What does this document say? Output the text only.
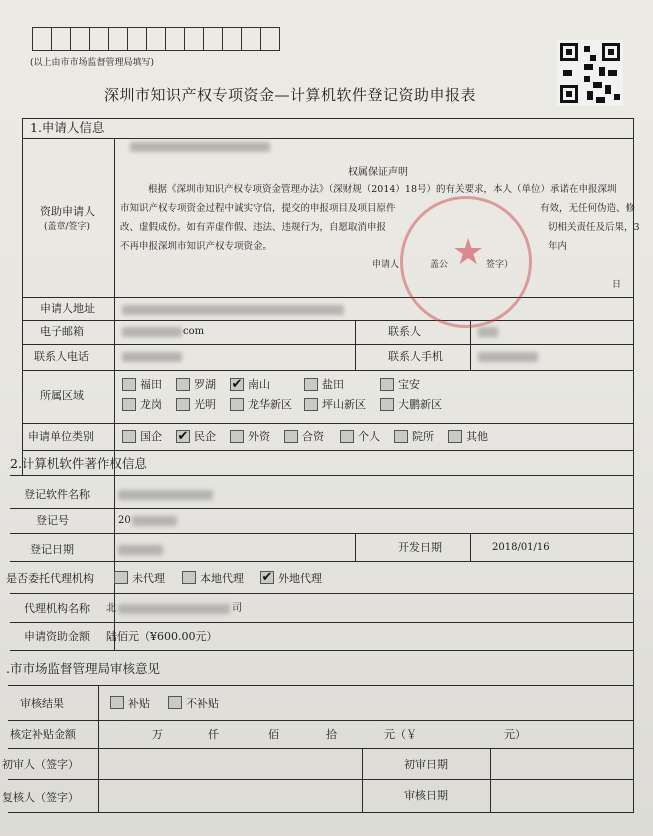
(以上由市市场监督管理局填写)
深圳市知识产权专项资金—计算机软件登记资助申报表
1.申请人信息
资助申请人
(盖章/签字)
权属保证声明
根据《深圳市知识产权专项资金管理办法》（深财规（2014）18号）的有关要求，本人（单位）承诺在申报深圳
市知识产权专项资金过程中诚实守信，提交的申报项目及项目原件	有效，无任何伪造、修
改、虚假成份。如有弄虚作假、违法、违规行为，自愿取消申报	切相关责任及后果，3年内
不再申报深圳市知识产权专项资金。
申请人	盖公	签字）
日
★
申请人地址
电子邮箱	com	联系人
联系人电话	联系人手机
所属区域
福田	罗湖 ✔ 南山	盐田	宝安
龙岗	光明	龙华新区	坪山新区	大鹏新区
申请单位类别	国企 ✔ 民企	外资	合资	个人	院所	其他
2.计算机软件著作权信息
登记软件名称
登记号	20
登记日期	开发日期	2018/01/16
是否委托代理机构	未代理	本地代理 ✔ 外地代理
代理机构名称 北	司
申请资助金额 陆佰元（¥600.00元）
.市市场监督管理局审核意见
审核结果	补贴	不补贴
核定补贴金额	万	仟	佰	拾	元（￥	元）
初审人（签字）	初审日期
复核人（签字）	审核日期
